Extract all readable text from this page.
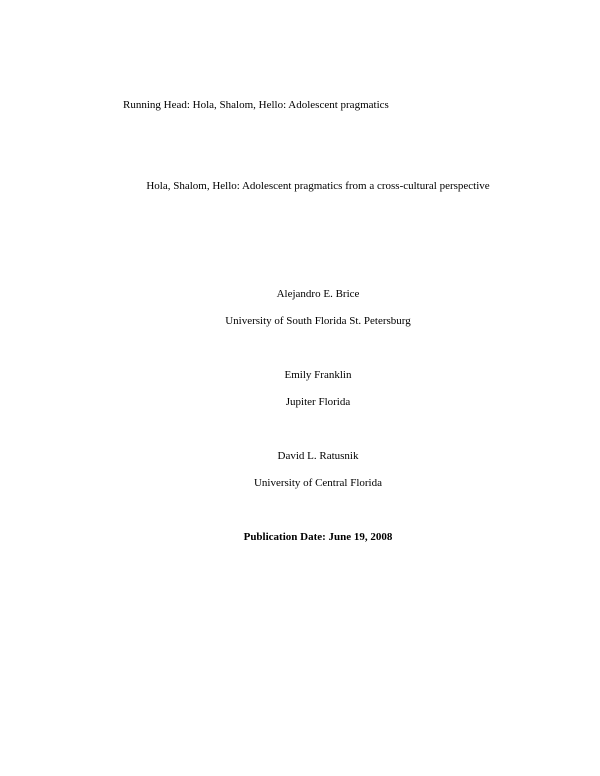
Running Head: Hola, Shalom, Hello: Adolescent pragmatics
Hola, Shalom, Hello: Adolescent pragmatics from a cross-cultural perspective
Alejandro E. Brice
University of South Florida St. Petersburg
Emily Franklin
Jupiter Florida
David L. Ratusnik
University of Central Florida
Publication Date: June 19, 2008
